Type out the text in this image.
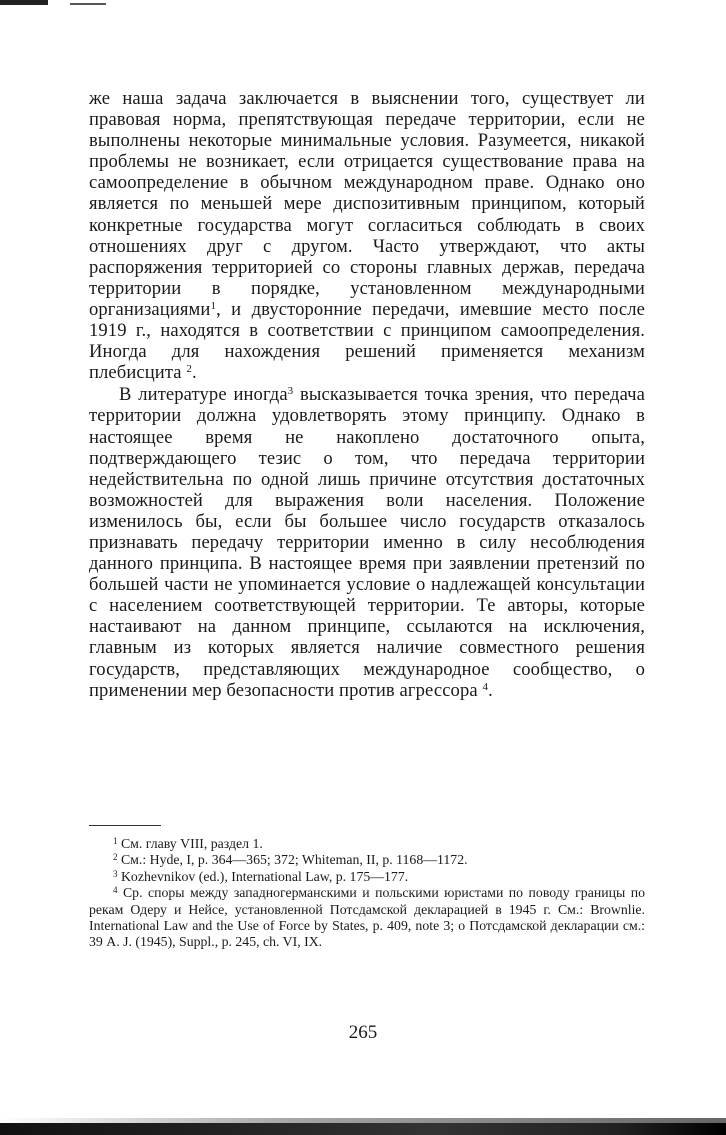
же наша задача заключается в выяснении того, существует ли правовая норма, препятствующая передаче территории, если не выполнены некоторые минимальные условия. Разумеется, никакой проблемы не возникает, если отрицается существование права на самоопределение в обычном международном праве. Однако оно является по меньшей мере диспозитивным принципом, который конкретные государства могут согласиться соблюдать в своих отношениях друг с другом. Часто утверждают, что акты распоряжения территорией со стороны главных держав, передача территории в порядке, установленном международными организациями$^1$, и двусторонние передачи, имевшие место после 1919 г., находятся в соответствии с принципом самоопределения. Иногда для нахождения решений применяется механизм плебисцита $^2$.

В литературе иногда$^3$ высказывается точка зрения, что передача территории должна удовлетворять этому принципу. Однако в настоящее время не накоплено достаточного опыта, подтверждающего тезис о том, что передача территории недействительна по одной лишь причине отсутствия достаточных возможностей для выражения воли населения. Положение изменилось бы, если бы большее число государств отказалось признавать передачу территории именно в силу несоблюдения данного принципа. В настоящее время при заявлении претензий по большей части не упоминается условие о надлежащей консультации с населением соответствующей территории. Те авторы, которые настаивают на данном принципе, ссылаются на исключения, главным из которых является наличие совместного решения государств, представляющих международное сообщество, о применении мер безопасности против агрессора $^4$.

$^1$ См. главу VIII, раздел 1.

$^2$ См.: Hyde, I, p. 364—365; 372; Whiteman, II, p. 1168—1172.

$^3$ Kozhevnikov (ed.), International Law, p. 175—177.

$^4$ Ср. споры между западногерманскими и польскими юристами по поводу границы по рекам Одеру и Нейсе, установленной Потсдамской декларацией в 1945 г. См.: Brownlie. International Law and the Use of Force by States, p. 409, note 3; о Потсдамской декларации см.: 39 A. J. (1945), Suppl., p. 245, ch. VI, IX.

265
